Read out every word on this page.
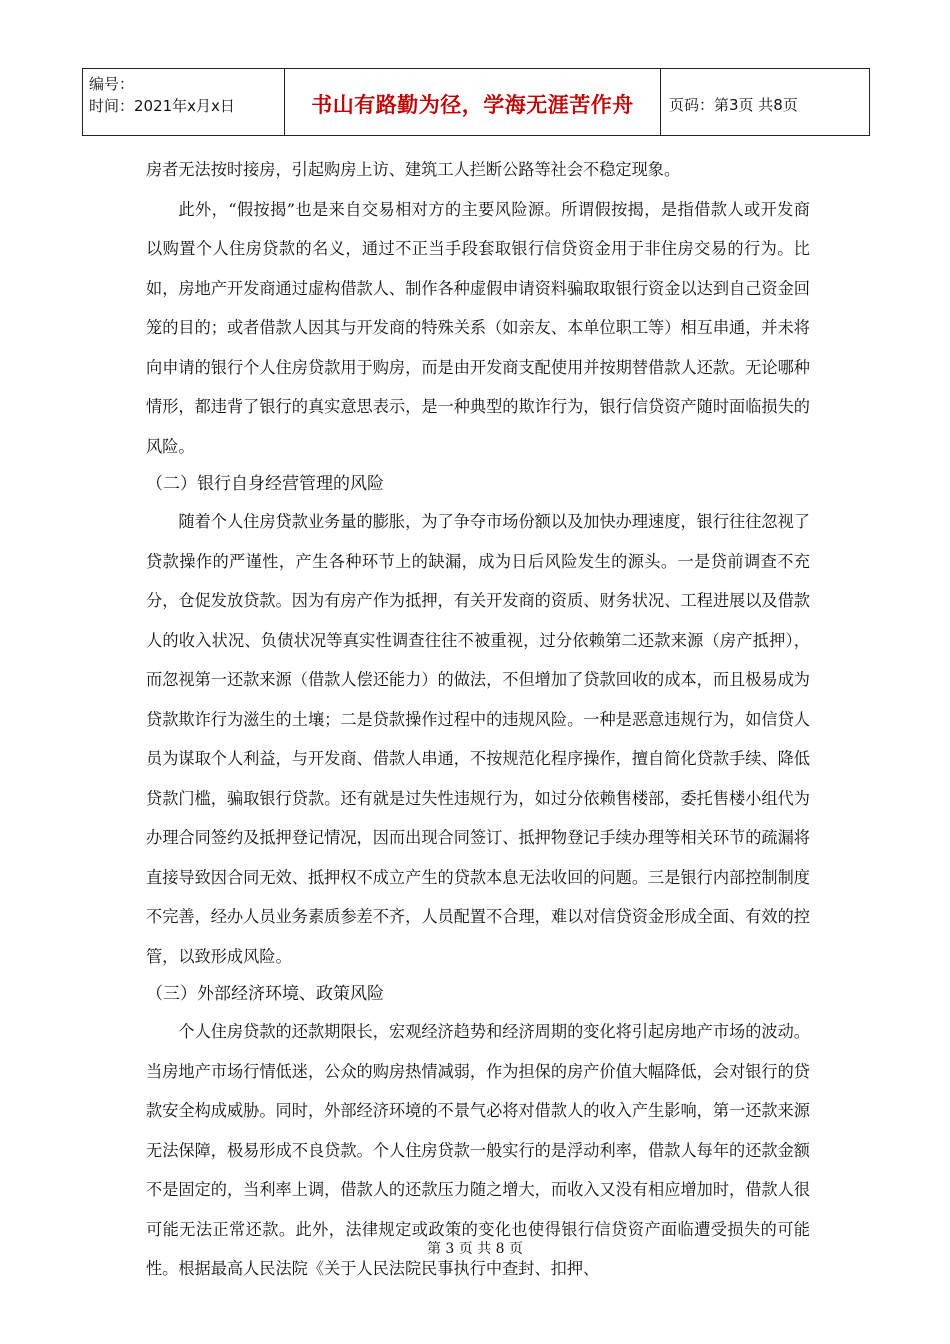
编号：
时间：2021年x月x日	书山有路勤为径，学海无涯苦作舟 页码：第3页 共8页

房者无法按时接房，引起购房上访、建筑工人拦断公路等社会不稳定现象。

此外，“假按揭”也是来自交易相对方的主要风险源。所谓假按揭，是指借款人或开发商以购置个人住房贷款的名义，通过不正当手段套取银行信贷资金用于非住房交易的行为。比如，房地产开发商通过虚构借款人、制作各种虚假申请资料骗取取银行资金以达到自己资金回笼的目的；或者借款人因其与开发商的特殊关系（如亲友、本单位职工等）相互串通，并未将向申请的银行个人住房贷款用于购房，而是由开发商支配使用并按期替借款人还款。无论哪种情形，都违背了银行的真实意思表示，是一种典型的欺诈行为，银行信贷资产随时面临损失的风险。

（二）银行自身经营管理的风险

随着个人住房贷款业务量的膨胀，为了争夺市场份额以及加快办理速度，银行往往忽视了贷款操作的严谨性，产生各种环节上的缺漏，成为日后风险发生的源头。一是贷前调查不充分，仓促发放贷款。因为有房产作为抵押，有关开发商的资质、财务状况、工程进展以及借款人的收入状况、负债状况等真实性调查往往不被重视，过分依赖第二还款来源（房产抵押），而忽视第一还款来源（借款人偿还能力）的做法，不但增加了贷款回收的成本，而且极易成为贷款欺诈行为滋生的土壤；二是贷款操作过程中的违规风险。一种是恶意违规行为，如信贷人员为谋取个人利益，与开发商、借款人串通，不按规范化程序操作，擅自简化贷款手续、降低贷款门槛，骗取银行贷款。还有就是过失性违规行为，如过分依赖售楼部，委托售楼小组代为办理合同签约及抵押登记情况，因而出现合同签订、抵押物登记手续办理等相关环节的疏漏将直接导致因合同无效、抵押权不成立产生的贷款本息无法收回的问题。三是银行内部控制制度不完善，经办人员业务素质参差不齐，人员配置不合理，难以对信贷资金形成全面、有效的控管，以致形成风险。

（三）外部经济环境、政策风险

个人住房贷款的还款期限长，宏观经济趋势和经济周期的变化将引起房地产市场的波动。当房地产市场行情低迷，公众的购房热情减弱，作为担保的房产价值大幅降低，会对银行的贷款安全构成威胁。同时，外部经济环境的不景气必将对借款人的收入产生影响，第一还款来源无法保障，极易形成不良贷款。个人住房贷款一般实行的是浮动利率，借款人每年的还款金额不是固定的，当利率上调，借款人的还款压力随之增大，而收入又没有相应增加时，借款人很可能无法正常还款。此外，法律规定或政策的变化也使得银行信贷资产面临遭受损失的可能性。根据最高人民法院《关于人民法院民事执行中查封、扣押、

第 3 页 共 8 页
